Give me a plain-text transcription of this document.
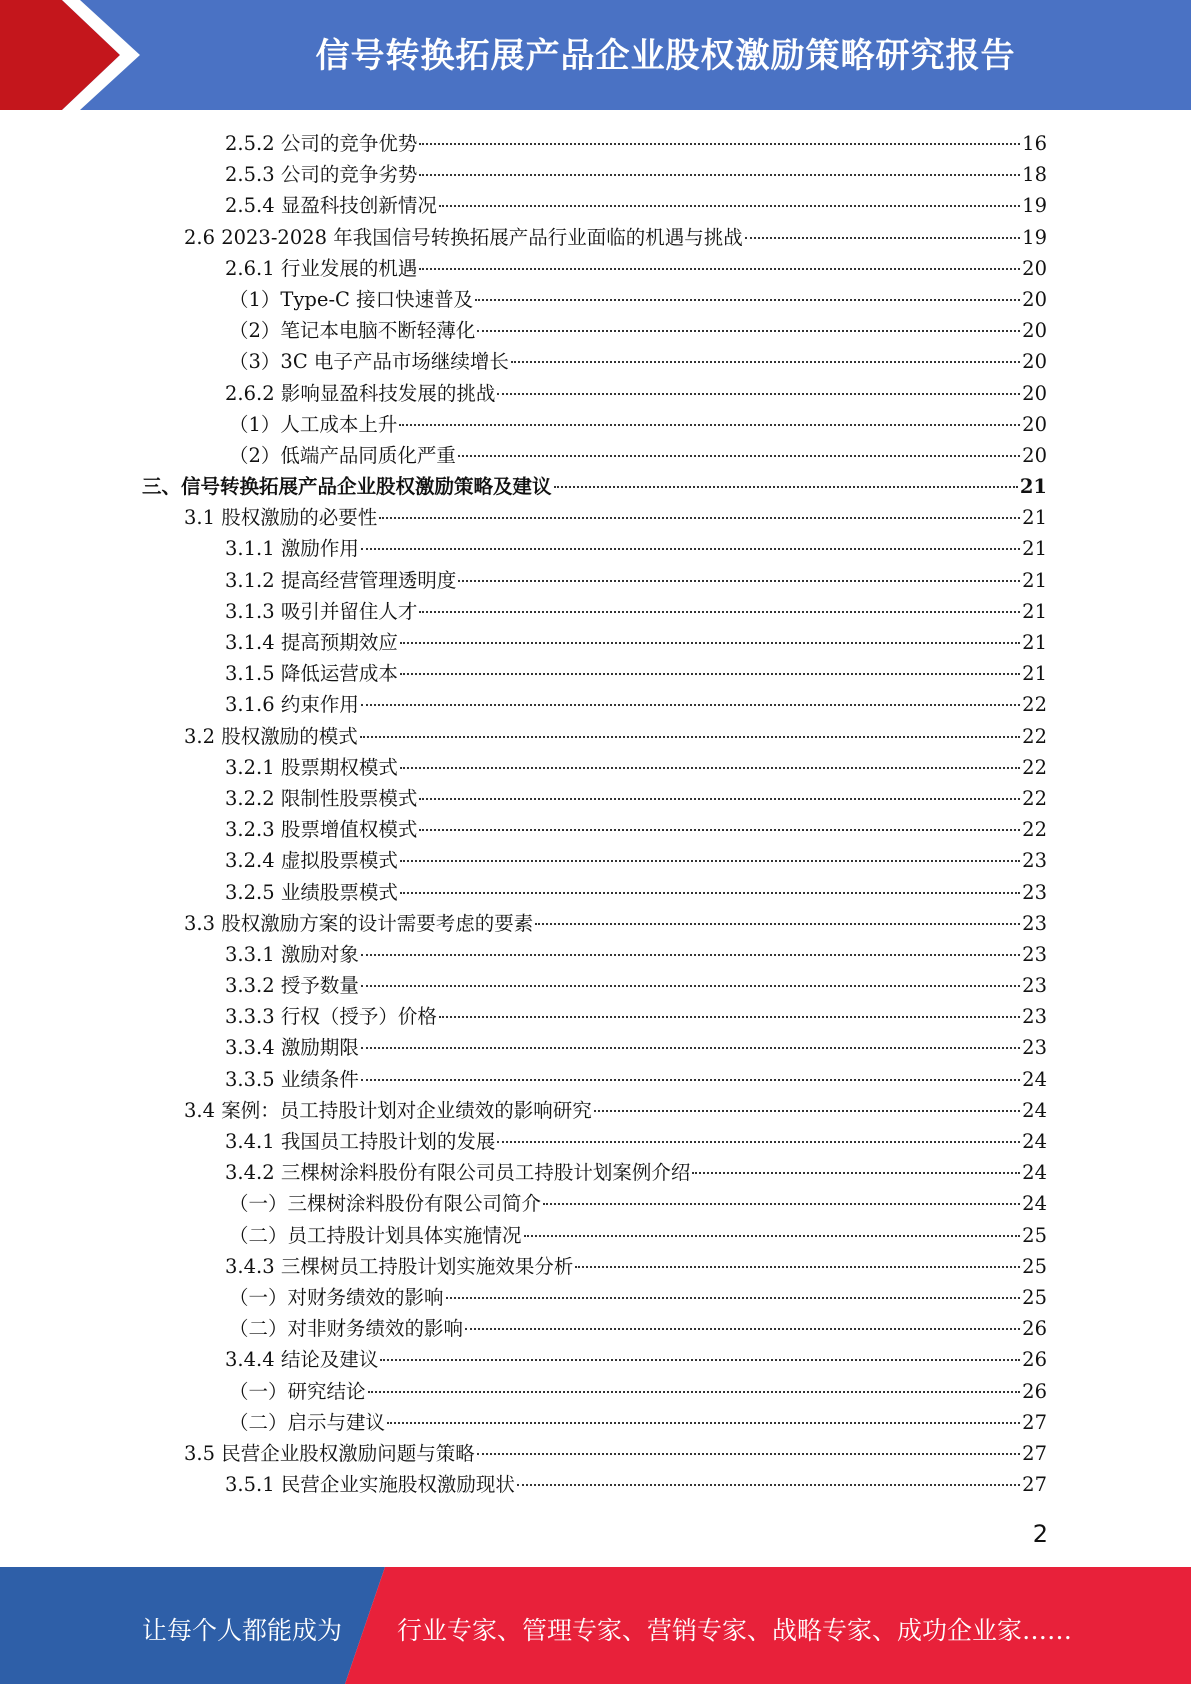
信号转换拓展产品企业股权激励策略研究报告
2.5.2 公司的竞争优势	16
2.5.3 公司的竞争劣势	18
2.5.4 显盈科技创新情况	19
2.6 2023-2028 年我国信号转换拓展产品行业面临的机遇与挑战	19
2.6.1 行业发展的机遇	20
（1）Type-C 接口快速普及	20
（2）笔记本电脑不断轻薄化	20
（3）3C 电子产品市场继续增长	20
2.6.2 影响显盈科技发展的挑战	20
（1）人工成本上升	20
（2）低端产品同质化严重	20
三、信号转换拓展产品企业股权激励策略及建议	21
3.1 股权激励的必要性	21
3.1.1 激励作用	21
3.1.2 提高经营管理透明度	21
3.1.3 吸引并留住人才	21
3.1.4 提高预期效应	21
3.1.5 降低运营成本	21
3.1.6 约束作用	22
3.2 股权激励的模式	22
3.2.1 股票期权模式	22
3.2.2 限制性股票模式	22
3.2.3 股票增值权模式	22
3.2.4 虚拟股票模式	23
3.2.5 业绩股票模式	23
3.3 股权激励方案的设计需要考虑的要素	23
3.3.1 激励对象	23
3.3.2 授予数量	23
3.3.3 行权（授予）价格	23
3.3.4 激励期限	23
3.3.5 业绩条件	24
3.4 案例：员工持股计划对企业绩效的影响研究	24
3.4.1 我国员工持股计划的发展	24
3.4.2 三棵树涂料股份有限公司员工持股计划案例介绍	24
（一）三棵树涂料股份有限公司简介	24
（二）员工持股计划具体实施情况	25
3.4.3 三棵树员工持股计划实施效果分析	25
（一）对财务绩效的影响	25
（二）对非财务绩效的影响	26
3.4.4 结论及建议	26
（一）研究结论	26
（二）启示与建议	27
3.5 民营企业股权激励问题与策略	27
3.5.1 民营企业实施股权激励现状	27
2
让每个人都能成为 行业专家、管理专家、营销专家、战略专家、成功企业家……
